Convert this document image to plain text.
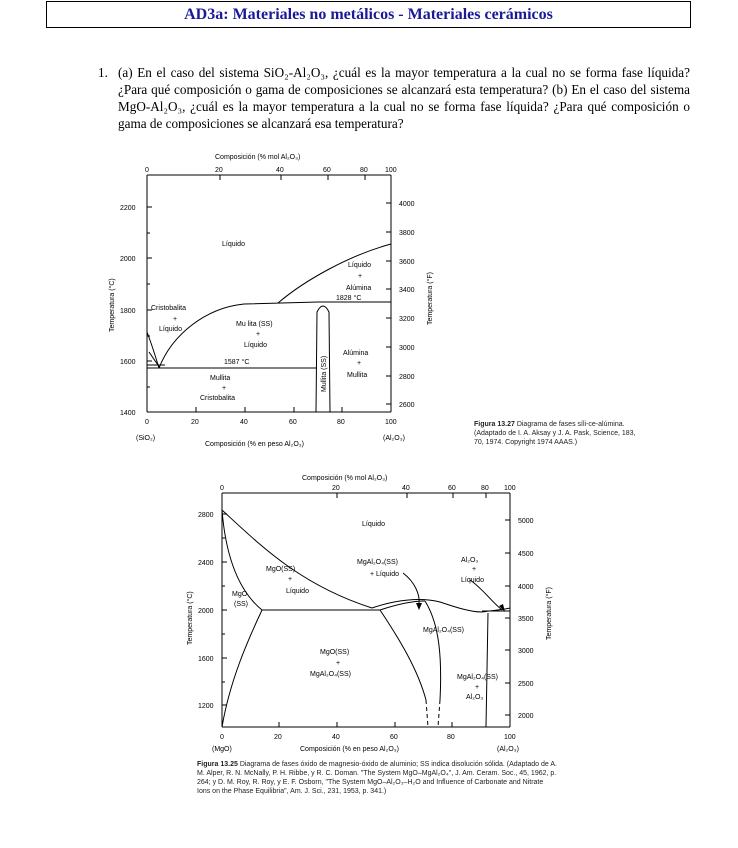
AD3a: Materiales no metálicos - Materiales cerámicos
1. (a) En el caso del sistema SiO₂-Al₂O₃, ¿cuál es la mayor temperatura a la cual no se forma fase líquida? ¿Para qué composición o gama de composiciones se alcanzará esta temperatura? (b) En el caso del sistema MgO-Al₂O₃, ¿cuál es la mayor temperatura a la cual no se forma fase líquida? ¿Para qué composición o gama de composiciones se alcanzará esa temperatura?
Composición (% mol Al₂O₃)
0	20	40	60	80 100
2200
2000
1800
1600
1400
4000
3800
3600
3400
3200
3000
2800
2600
0	20	40	60	80	100
(SiO₂)
Composición (% en peso Al₂O₃)
(Al₂O₃)
Temperatura (°C)	Temperatura (°F)
Líquido
Líquido
+
Alúmina
1828 °C
Cristobalita
+
Líquido
Mu lita (SS)
+
Líquido
1587 °C
Mullita
+
Cristobalita
Mullita (SS)
Alúmina
+
Mullita
Figura 13.27 Diagrama de fases síli-ce-alúmina. (Adaptado de I. A. Aksay y J. A. Pask, Science, 183, 70, 1974. Copyright 1974 AAAS.)
Composición (% mol Al₂O₃)
0	20	40	60	80 100
2800
2400
2000
1600
1200
5000
4500
4000
3500
3000
2500
2000
0	20	40	60	80	100
(MgO)	Composición (% en peso Al₂O₃)	(Al₂O₃)
Temperatura (°C)	Temperatura (°F)
Líquido
MgO(SS)
+
Líquido
MgO
(SS)
MgAl₂O₄(SS)
+ Líquido
Al₂O₃
+
Líquido
MgAl₂O₄(SS)
MgO(SS)
+
MgAl₂O₄(SS)	MgAl₂O₄(SS)
+
Al₂O₃
Figura 13.25 Diagrama de fases óxido de magnesio-óxido de aluminio; SS indica disolución sólida. (Adaptado de A. M. Alper, R. N. McNally, P. H. Ribbe, y R. C. Doman. "The System MgO–MgAl₂O₄", J. Am. Ceram. Soc., 45, 1962, p. 264; y D. M. Roy, R. Roy, y E. F. Osborn, "The System MgO–Al₂O₃–H₂O and Influence of Carbonate and Nitrate Ions on the Phase Equilibria", Am. J. Sci., 231, 1953, p. 341.)
